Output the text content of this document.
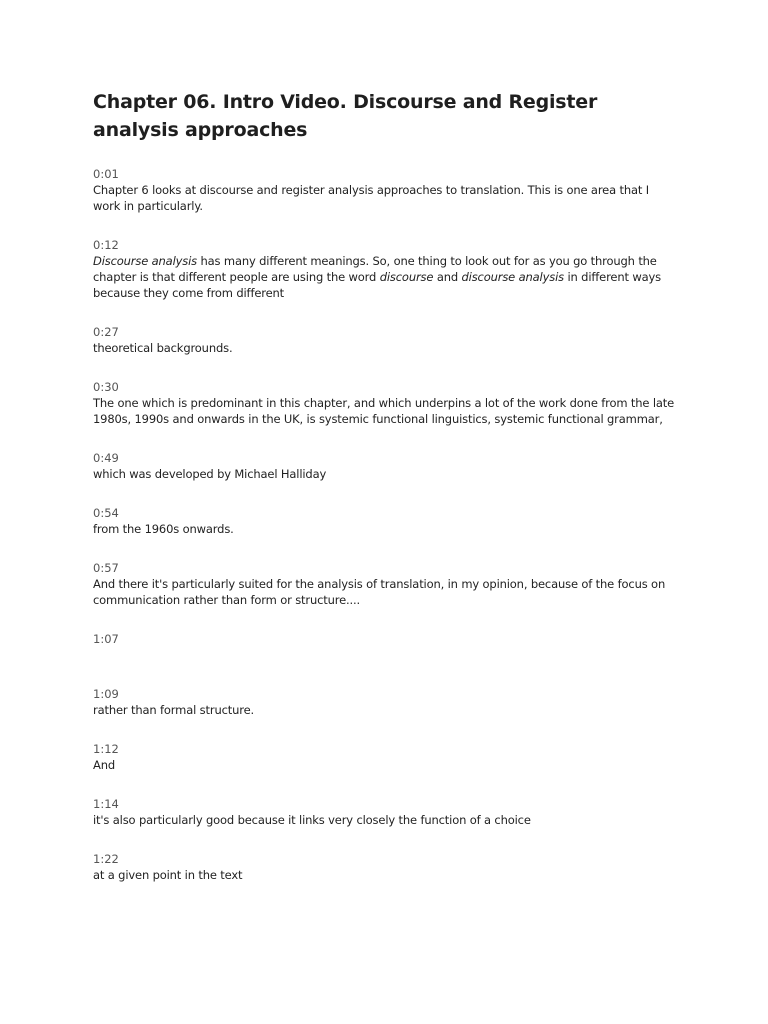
Chapter 06. Intro Video. Discourse and Register analysis approaches
0:01
Chapter 6 looks at discourse and register analysis approaches to translation. This is one area that I work in particularly.
0:12
Discourse analysis has many different meanings. So, one thing to look out for as you go through the chapter is that different people are using the word discourse and discourse analysis in different ways because they come from different
0:27
theoretical backgrounds.
0:30
The one which is predominant in this chapter, and which underpins a lot of the work done from the late 1980s, 1990s and onwards in the UK, is systemic functional linguistics, systemic functional grammar,
0:49
which was developed by Michael Halliday
0:54
from the 1960s onwards.
0:57
And there it's particularly suited for the analysis of translation, in my opinion, because of the focus on communication rather than form or structure....
1:07
1:09
rather than formal structure.
1:12
And
1:14
it's also particularly good because it links very closely the function of a choice
1:22
at a given point in the text
